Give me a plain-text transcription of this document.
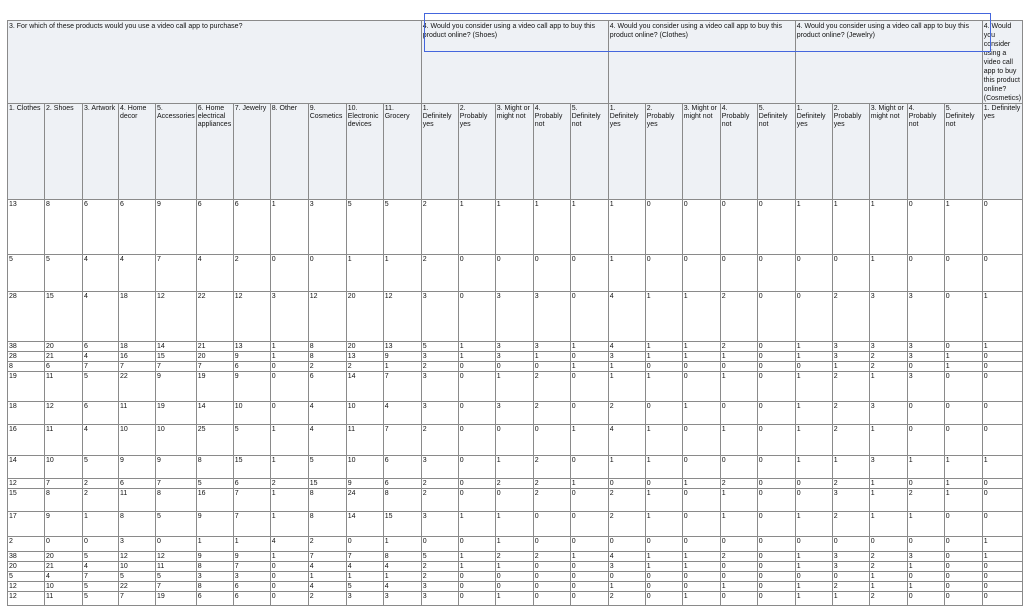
3. For which of these products would you use a video call app to purchase?											4. Would you consider using a video call app to buy this product online? (Shoes)					4. Would you consider using a video call app to buy this product online? (Clothes)					4. Would you consider using a video call app to buy this product online? (Jewelry)					4. Would you consider using a video call app to buy this product online? (Cosmetics)
1. Clothes	2. Shoes	3. Artwork	4. Home decor	5. Accessories	6. Home electrical appliances	7. Jewelry	8. Other	9. Cosmetics	10. Electronic devices	11. Grocery	1. Definitely yes	2. Probably yes	3. Might or might not	4. Probably not	5. Definitely not	1. Definitely yes	2. Probably yes	3. Might or might not	4. Probably not	5. Definitely not	1. Definitely yes	2. Probably yes	3. Might or might not	4. Probably not	5. Definitely not	1. Definitely yes
13	8	6	6	9	6	6	1	3	5	5	2	1	1	1	1	1	0	0	0	0	1	1	1	0	1	0
5	5	4	4	7	4	2	0	0	1	1	2	0	0	0	0	1	0	0	0	0	0	0	1	0	0	0
28	15	4	18	12	22	12	3	12	20	12	3	0	3	3	0	4	1	1	2	0	0	2	3	3	0	1
38	20	6	18	14	21	13	1	8	20	13	5	1	3	3	1	4	1	1	2	0	1	3	3	3	0	1
28	21	4	16	15	20	9	1	8	13	9	3	1	3	1	0	3	1	1	1	0	1	3	2	3	1	0
8	6	7	7	7	7	6	0	2	2	1	2	0	0	0	1	1	0	0	0	0	0	1	2	0	1	0
19	11	5	22	9	19	9	0	6	14	7	3	0	1	2	0	1	1	0	1	0	1	2	1	3	0	0
18	12	6	11	19	14	10	0	4	10	4	3	0	3	2	0	2	0	1	0	0	1	2	3	0	0	0
16	11	4	10	10	25	5	1	4	11	7	2	0	0	0	1	4	1	0	1	0	1	2	1	0	0	0
14	10	5	9	9	8	15	1	5	10	6	3	0	1	2	0	1	1	0	0	0	1	1	3	1	1	1
12	7	2	6	7	5	6	2	15	9	6	2	0	2	2	1	0	0	1	2	0	0	2	1	0	1	0
15	8	2	11	8	16	7	1	8	24	8	2	0	0	2	0	2	1	0	1	0	0	3	1	2	1	0
17	9	1	8	5	9	7	1	8	14	15	3	1	1	0	0	2	1	0	1	0	1	2	1	1	0	0
2	0	0	3	0	1	1	4	2	0	1	0	0	1	0	0	0	0	0	0	0	0	0	0	0	0	1
38	20	5	12	12	9	9	1	7	7	8	5	1	2	2	1	4	1	1	2	0	1	3	2	3	0	1
20	21	4	10	11	8	7	0	4	4	4	2	1	1	0	0	3	1	1	0	0	1	3	2	1	0	0
5	4	7	5	5	3	3	0	1	1	1	2	0	0	0	0	0	0	0	0	0	0	0	1	0	0	0
12	10	5	22	7	8	6	0	4	5	4	3	0	0	0	0	1	0	0	1	0	1	2	1	1	0	0
12	11	5	7	19	6	6	0	2	3	3	3	0	1	0	0	2	0	1	0	0	1	1	2	0	0	0
